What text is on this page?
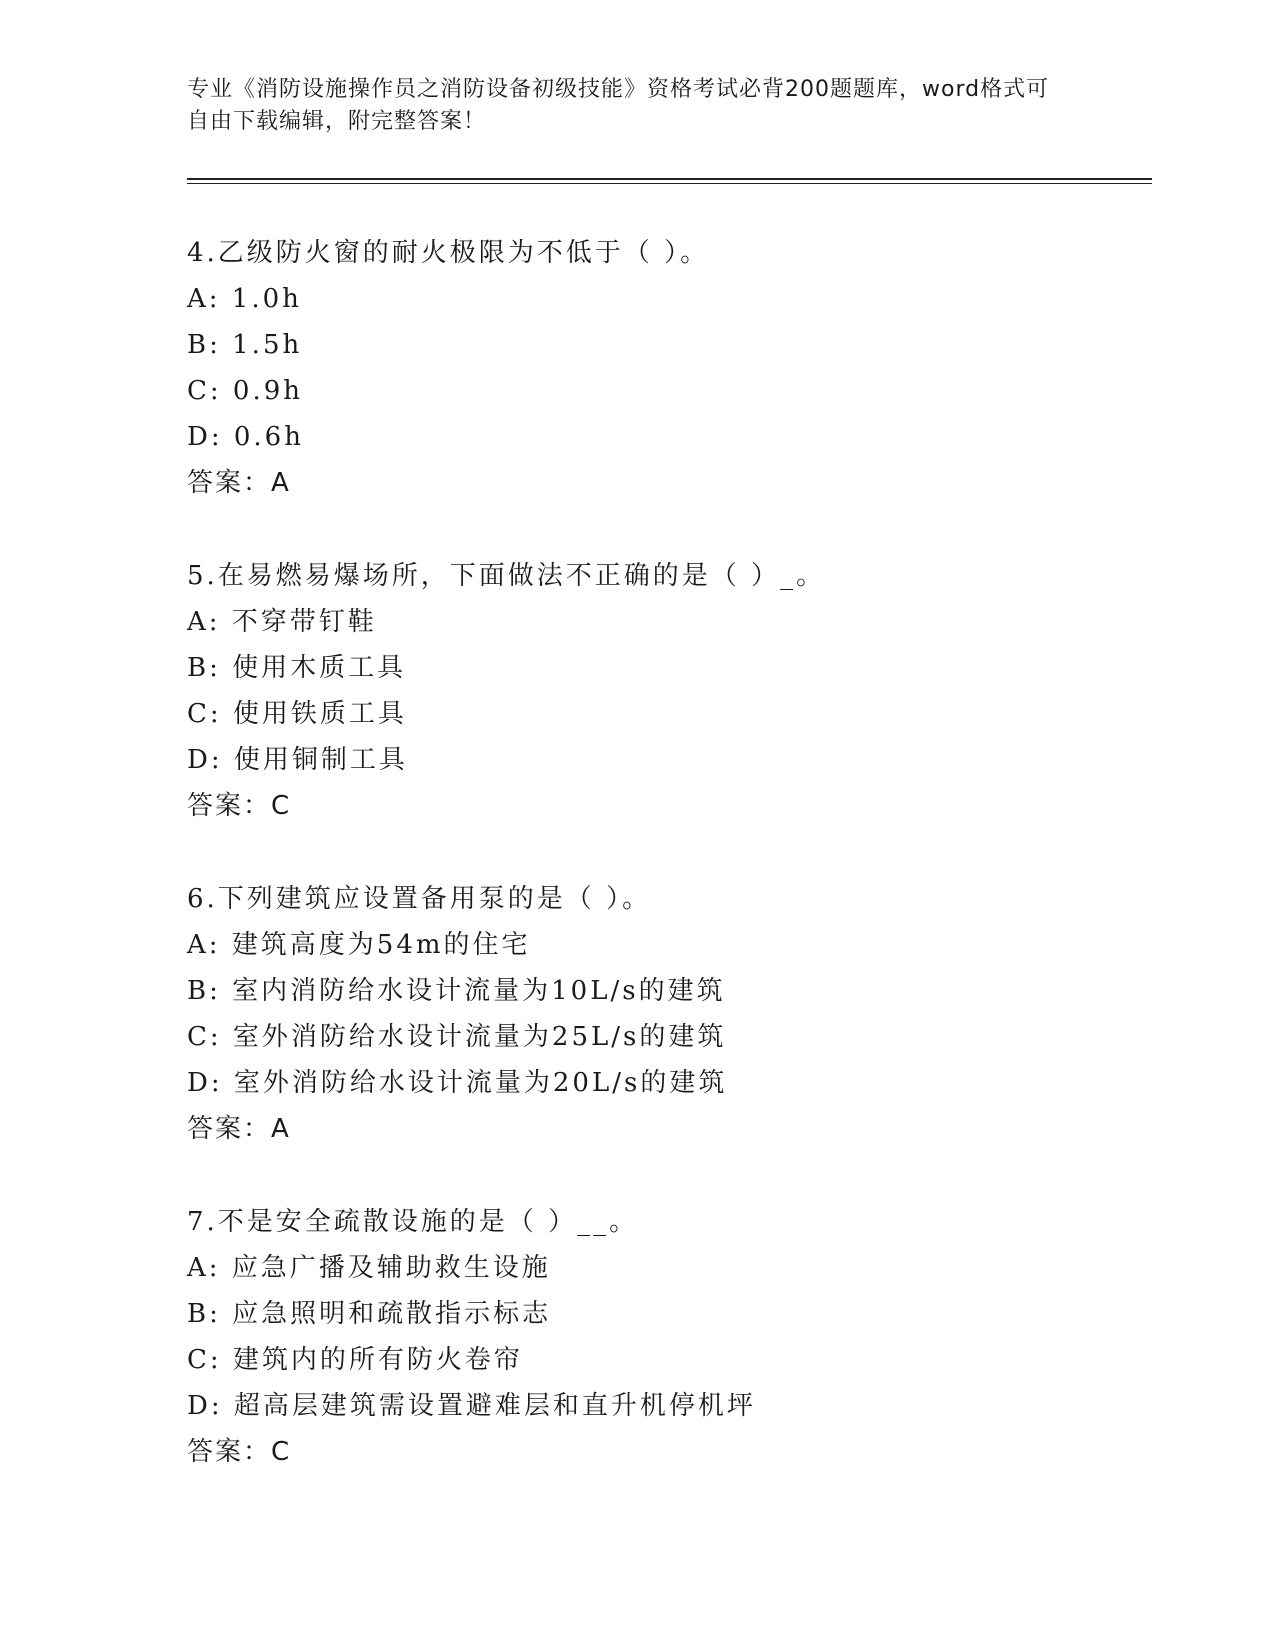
专业《消防设施操作员之消防设备初级技能》资格考试必背200题题库，word格式可自由下载编辑，附完整答案！
4.乙级防火窗的耐火极限为不低于（ ）。
A: 1.0h
B: 1.5h
C: 0.9h
D: 0.6h
答案：A
5.在易燃易爆场所，下面做法不正确的是（ ）_。
A: 不穿带钉鞋
B: 使用木质工具
C: 使用铁质工具
D: 使用铜制工具
答案：C
6.下列建筑应设置备用泵的是（ ）。
A: 建筑高度为54m的住宅
B: 室内消防给水设计流量为10L/s的建筑
C: 室外消防给水设计流量为25L/s的建筑
D: 室外消防给水设计流量为20L/s的建筑
答案：A
7.不是安全疏散设施的是（ ）__。
A: 应急广播及辅助救生设施
B: 应急照明和疏散指示标志
C: 建筑内的所有防火卷帘
D: 超高层建筑需设置避难层和直升机停机坪
答案：C
